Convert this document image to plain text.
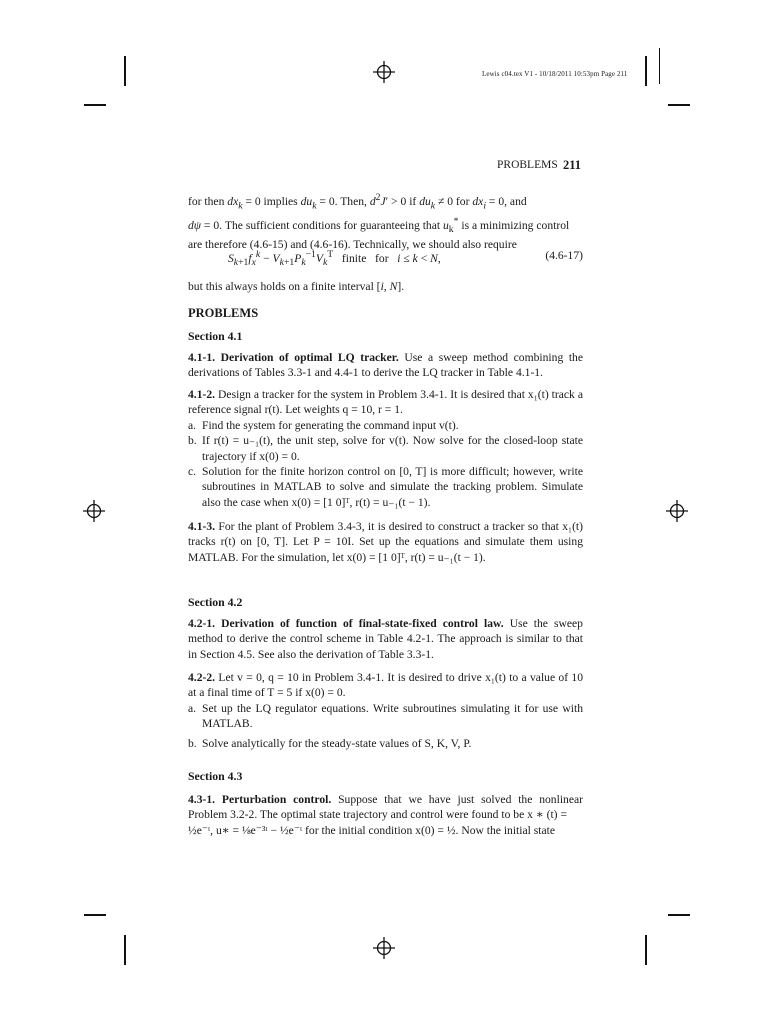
Lewis c04.tex V1 - 10/18/2011 10:53pm Page 211
PROBLEMS 211

for then $dx_k = 0$ implies $du_k = 0$. Then, $d^2J' > 0$ if $du_k \ne 0$ for $dx_i = 0$, and

dψ = 0. The sufficient conditions for guaranteeing that $u_k^*$ is a minimizing control

are therefore (4.6-15) and (4.6-16). Technically, we should also require

$S_{k+1}f_x^k - V_{k+1}P_k^{-1}V_k^T$   finite   for   i ≤ k < N,	(4.6-17)

but this always holds on a finite interval [i, N].

PROBLEMS
Section 4.1
4.1-1. Derivation of optimal LQ tracker. Use a sweep method combining the derivations of Tables 3.3-1 and 4.4-1 to derive the LQ tracker in Table 4.1-1.
4.1-2. Design a tracker for the system in Problem 3.4-1. It is desired that x₁(t) track a reference signal r(t). Let weights q = 10, r = 1.
a. Find the system for generating the command input v(t).
b. If r(t) = u₋₁(t), the unit step, solve for v(t). Now solve for the closed-loop state trajectory if x(0) = 0.
c. Solution for the finite horizon control on [0, T] is more difficult; however, write subroutines in MATLAB to solve and simulate the tracking problem. Simulate also the case when x(0) = [1 0]ᵀ, r(t) = u₋₁(t − 1).
4.1-3. For the plant of Problem 3.4-3, it is desired to construct a tracker so that x₁(t) tracks r(t) on [0, T]. Let P = 10I. Set up the equations and simulate them using MATLAB. For the simulation, let x(0) = [1 0]ᵀ, r(t) = u₋₁(t − 1).
Section 4.2
4.2-1. Derivation of function of final-state-fixed control law. Use the sweep method to derive the control scheme in Table 4.2-1. The approach is similar to that in Section 4.5. See also the derivation of Table 3.3-1.
4.2-2. Let v = 0, q = 10 in Problem 3.4-1. It is desired to drive x₁(t) to a value of 10 at a final time of T = 5 if x(0) = 0.
a. Set up the LQ regulator equations. Write subroutines simulating it for use with MATLAB.
b. Solve analytically for the steady-state values of S, K, V, P.
Section 4.3
4.3-1. Perturbation control. Suppose that we have just solved the nonlinear Problem 3.2-2. The optimal state trajectory and control were found to be x ∗ (t) =
½e⁻ᵗ, u∗ = ⅛e⁻³ᵗ − ½e⁻ᵗ for the initial condition x(0) = ½. Now the initial state
